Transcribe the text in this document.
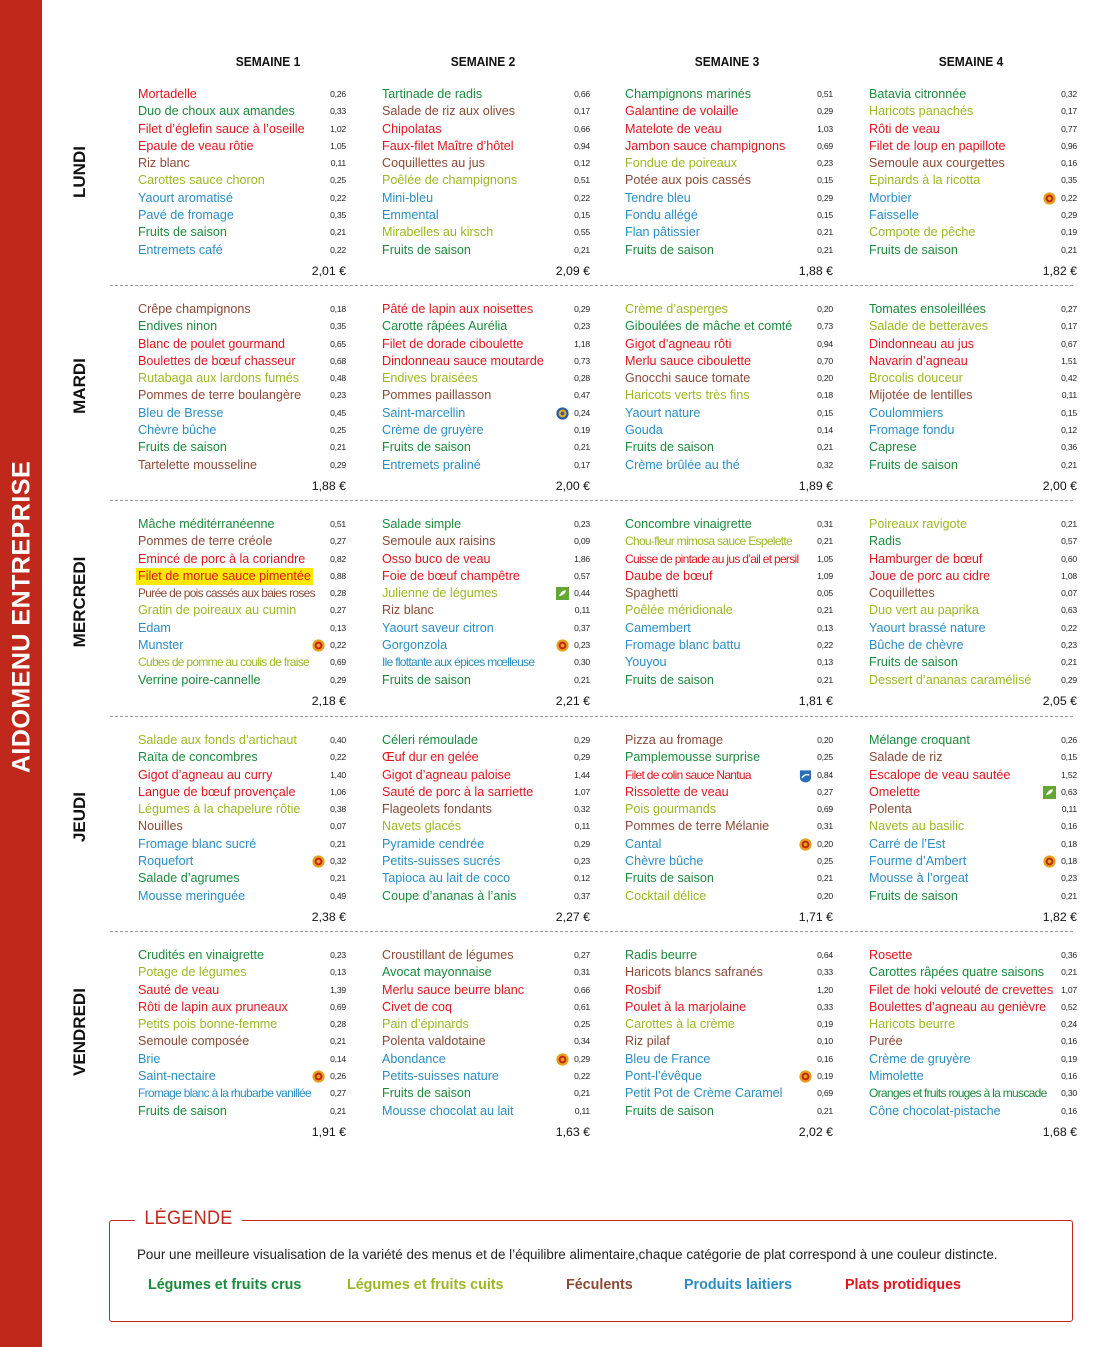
AIDOMENU ENTREPRISE
SEMAINE 1	SEMAINE 2	SEMAINE 3	SEMAINE 4
LUNDI
Mortadelle	0,26
Duo de choux aux amandes	0,33
Filet d’églefin sauce à l’oseille	1,02
Epaule de veau rôtie	1,05
Riz blanc	0,11
Carottes sauce choron	0,25
Yaourt aromatisé	0,22
Pavé de fromage	0,35
Fruits de saison	0,21
Entremets café	0,22
2,01 €
Tartinade de radis	0,66
Salade de riz aux olives	0,17
Chipolatas	0,66
Faux-filet Maître d’hôtel	0,94
Coquillettes au jus	0,12
Poêlée de champignons	0,51
Mini-bleu	0,22
Emmental	0,15
Mirabelles au kirsch	0,55
Fruits de saison	0,21
2,09 €
Champignons marinés	0,51
Galantine de volaille	0,29
Matelote de veau	1,03
Jambon sauce champignons	0,69
Fondue de poireaux	0,23
Potée aux pois cassés	0,15
Tendre bleu	0,29
Fondu allégé	0,15
Flan pâtissier	0,21
Fruits de saison	0,21
1,88 €
Batavia citronnée	0,32
Haricots panachés	0,17
Rôti de veau	0,77
Filet de loup en papillote	0,96
Semoule aux courgettes	0,16
Epinards à la ricotta	0,35
Morbier	0,22
Faisselle	0,29
Compote de pêche	0,19
Fruits de saison	0,21
1,82 €
MARDI
Crêpe champignons	0,18
Endives ninon	0,35
Blanc de poulet gourmand	0,65
Boulettes de bœuf chasseur	0,68
Rutabaga aux lardons fumés	0,48
Pommes de terre boulangère	0,23
Bleu de Bresse	0,45
Chèvre bûche	0,25
Fruits de saison	0,21
Tartelette mousseline	0,29
1,88 €
Pâté de lapin aux noisettes	0,29
Carotte râpées Aurélia	0,23
Filet de dorade ciboulette	1,18
Dindonneau sauce moutarde	0,73
Endives braisées	0,28
Pommes paillasson	0,47
Saint-marcellin	0,24
Crème de gruyère	0,19
Fruits de saison	0,21
Entremets praliné	0,17
2,00 €
Crème d’asperges	0,20
Giboulées de mâche et comté	0,73
Gigot d’agneau rôti	0,94
Merlu sauce ciboulette	0,70
Gnocchi sauce tomate	0,20
Haricots verts très fins	0,18
Yaourt nature	0,15
Gouda	0,14
Fruits de saison	0,21
Crème brûlée au thé	0,32
1,89 €
Tomates ensoleillées	0,27
Salade de betteraves	0,17
Dindonneau au jus	0,67
Navarin d’agneau	1,51
Brocolis douceur	0,42
Mijotée de lentilles	0,11
Coulommiers	0,15
Fromage fondu	0,12
Caprese	0,36
Fruits de saison	0,21
2,00 €
MERCREDI
Mâche méditérranéenne	0,51
Pommes de terre créole	0,27
Emincé de porc à la coriandre	0,82
Filet de morue sauce pimentée 0,88
Purée de pois cassés aux baies roses 0,28
Gratin de poireaux au cumin	0,27
Edam	0,13
Munster	0,22
Cubes de pomme au coulis de fraise 0,69
Verrine poire-cannelle	0,29
2,18 €
Salade simple	0,23
Semoule aux raisins	0,09
Osso buco de veau	1,86
Foie de bœuf champêtre	0,57
Julienne de légumes	0,44
Riz blanc	0,11
Yaourt saveur citron	0,37
Gorgonzola	0,23
Ile flottante aux épices mœlleuse	0,30
Fruits de saison	0,21
2,21 €
Concombre vinaigrette	0,31
Chou-fleur mimosa sauce Espelette	0,21
Cuisse de pintade au jus d’ail et persil 1,05
Daube de bœuf	1,09
Spaghetti	0,05
Poêlée méridionale	0,21
Camembert	0,13
Fromage blanc battu	0,22
Youyou	0,13
Fruits de saison	0,21
1,81 €
Poireaux ravigote	0,21
Radis	0,57
Hamburger de bœuf	0,60
Joue de porc au cidre	1,08
Coquillettes	0,07
Duo vert au paprika	0,63
Yaourt brassé nature	0,22
Bûche de chèvre	0,23
Fruits de saison	0,21
Dessert d’ananas caramélisé	0,29
2,05 €
JEUDI
Salade aux fonds d’artichaut	0,40
Raïta de concombres	0,22
Gigot d’agneau au curry	1,40
Langue de bœuf provençale	1,06
Légumes à la chapelure rôtie	0,38
Nouilles	0,07
Fromage blanc sucré	0,21
Roquefort	0,32
Salade d’agrumes	0,21
Mousse meringuée	0,49
2,38 €
Céleri rémoulade	0,29
Œuf dur en gelée	0,29
Gigot d’agneau paloise	1,44
Sauté de porc à la sarriette	1,07
Flageolets fondants	0,32
Navets glacés	0,11
Pyramide cendrée	0,29
Petits-suisses sucrés	0,23
Tapioca au lait de coco	0,12
Coupe d’ananas à l’anis	0,37
2,27 €
Pizza au fromage	0,20
Pamplemousse surprise	0,25
Filet de colin sauce Nantua	0,84
Rissolette de veau	0,27
Pois gourmands	0,69
Pommes de terre Mélanie	0,31
Cantal	0,20
Chèvre bûche	0,25
Fruits de saison	0,21
Cocktail délice	0,20
1,71 €
Mélange croquant	0,26
Salade de riz	0,15
Escalope de veau sautée	1,52
Omelette	0,63
Polenta	0,11
Navets au basilic	0,16
Carré de l’Est	0,18
Fourme d’Ambert	0,18
Mousse à l’orgeat	0,23
Fruits de saison	0,21
1,82 €
VENDREDI
Crudités en vinaigrette	0,23
Potage de légumes	0,13
Sauté de veau	1,39
Rôti de lapin aux pruneaux	0,69
Petits pois bonne-femme	0,28
Semoule composée	0,21
Brie	0,14
Saint-nectaire	0,26
Fromage blanc à la rhubarbe vanillée 0,27
Fruits de saison	0,21
1,91 €
Croustillant de légumes	0,27
Avocat mayonnaise	0,31
Merlu sauce beurre blanc	0,66
Civet de coq	0,61
Pain d’épinards	0,25
Polenta valdotaine	0,34
Abondance	0,29
Petits-suisses nature	0,22
Fruits de saison	0,21
Mousse chocolat au lait	0,11
1,63 €
Radis beurre	0,64
Haricots blancs safranés	0,33
Rosbif	1,20
Poulet à la marjolaine	0,33
Carottes à la crème	0,19
Riz pilaf	0,10
Bleu de France	0,16
Pont-l’évêque	0,19
Petit Pot de Crème Caramel	0,69
Fruits de saison	0,21
2,02 €
Rosette	0,36
Carottes râpées quatre saisons 0,21
Filet de hoki velouté de crevettes 1,07
Boulettes d’agneau au genièvre 0,52
Haricots beurre	0,24
Purée	0,16
Crème de gruyère	0,19
Mimolette	0,16
Oranges et fruits rouges à la muscade 0,30
Cône chocolat-pistache	0,16
1,68 €
LÉGENDE
Pour une meilleure visualisation de la variété des menus et de l’équilibre alimentaire,chaque catégorie de plat correspond à une couleur distincte.
Légumes et fruits crus	Légumes et fruits cuits	Féculents	Produits laitiers	Plats protidiques
